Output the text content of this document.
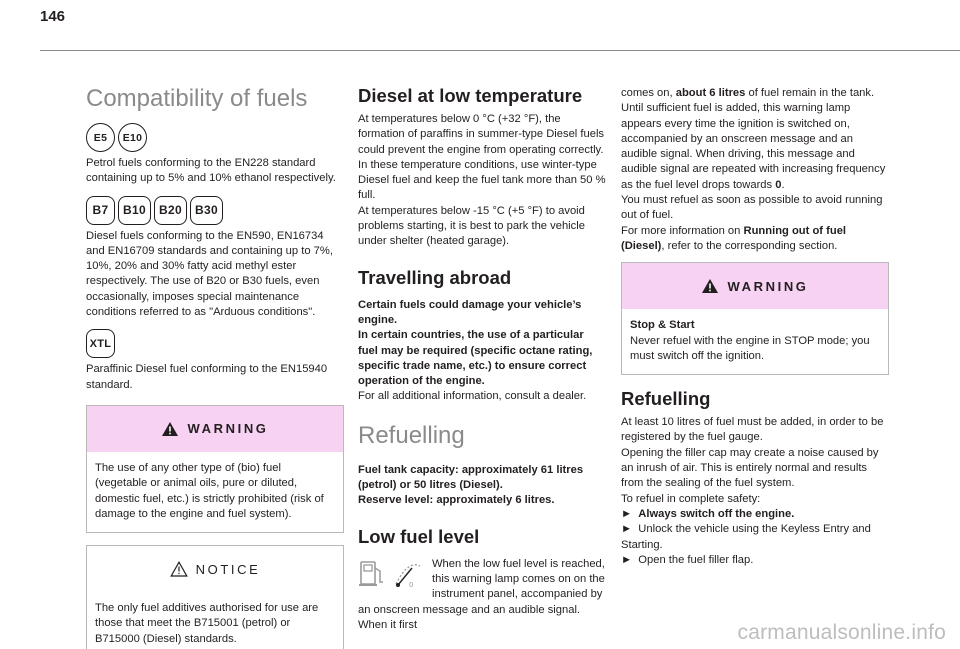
146
Compatibility of fuels
E5	E10

Petrol fuels conforming to the EN228 standard containing up to 5% and 10% ethanol respectively.

B7	B10	B20	B30

Diesel fuels conforming to the EN590, EN16734 and EN16709 standards and containing up to 7%, 10%, 20% and 30% fatty acid methyl ester respectively. The use of B20 or B30 fuels, even occasionally, imposes special maintenance conditions referred to as "Arduous conditions".

XTL

Paraffinic Diesel fuel conforming to the EN15940 standard.

WARNING

The use of any other type of (bio) fuel (vegetable or animal oils, pure or diluted, domestic fuel, etc.) is strictly prohibited (risk of damage to the engine and fuel system).

NOTICE

The only fuel additives authorised for use are those that meet the B715001 (petrol) or B715000 (Diesel) standards.

Diesel at low temperature

At temperatures below 0 °C (+32 °F), the formation of paraffins in summer-type Diesel fuels could prevent the engine from operating correctly. In these temperature conditions, use winter-type Diesel fuel and keep the fuel tank more than 50 % full.

At temperatures below -15 °C (+5 °F) to avoid problems starting, it is best to park the vehicle under shelter (heated garage).

Travelling abroad

Certain fuels could damage your vehicle’s engine.

In certain countries, the use of a particular fuel may be required (specific octane rating, specific trade name, etc.) to ensure correct operation of the engine.

For all additional information, consult a dealer.

Refuelling

Fuel tank capacity: approximately 61 litres (petrol) or 50 litres (Diesel).

Reserve level: approximately 6 litres.

Low fuel level
0

When the low fuel level is reached, this warning lamp comes on on the instrument panel, accompanied by an onscreen message and an audible signal. When it first

comes on, about 6 litres of fuel remain in the tank.

Until sufficient fuel is added, this warning lamp appears every time the ignition is switched on, accompanied by an onscreen message and an audible signal. When driving, this message and audible signal are repeated with increasing frequency as the fuel level drops towards 0.

You must refuel as soon as possible to avoid running out of fuel.

For more information on Running out of fuel (Diesel), refer to the corresponding section.

WARNING

Stop & Start

Never refuel with the engine in STOP mode; you must switch off the ignition.

Refuelling

At least 10 litres of fuel must be added, in order to be registered by the fuel gauge.

Opening the filler cap may create a noise caused by an inrush of air. This is entirely normal and results from the sealing of the fuel system.

To refuel in complete safety:

► Always switch off the engine.

► Unlock the vehicle using the Keyless Entry and Starting.

► Open the fuel filler flap.

carmanualsonline.info
